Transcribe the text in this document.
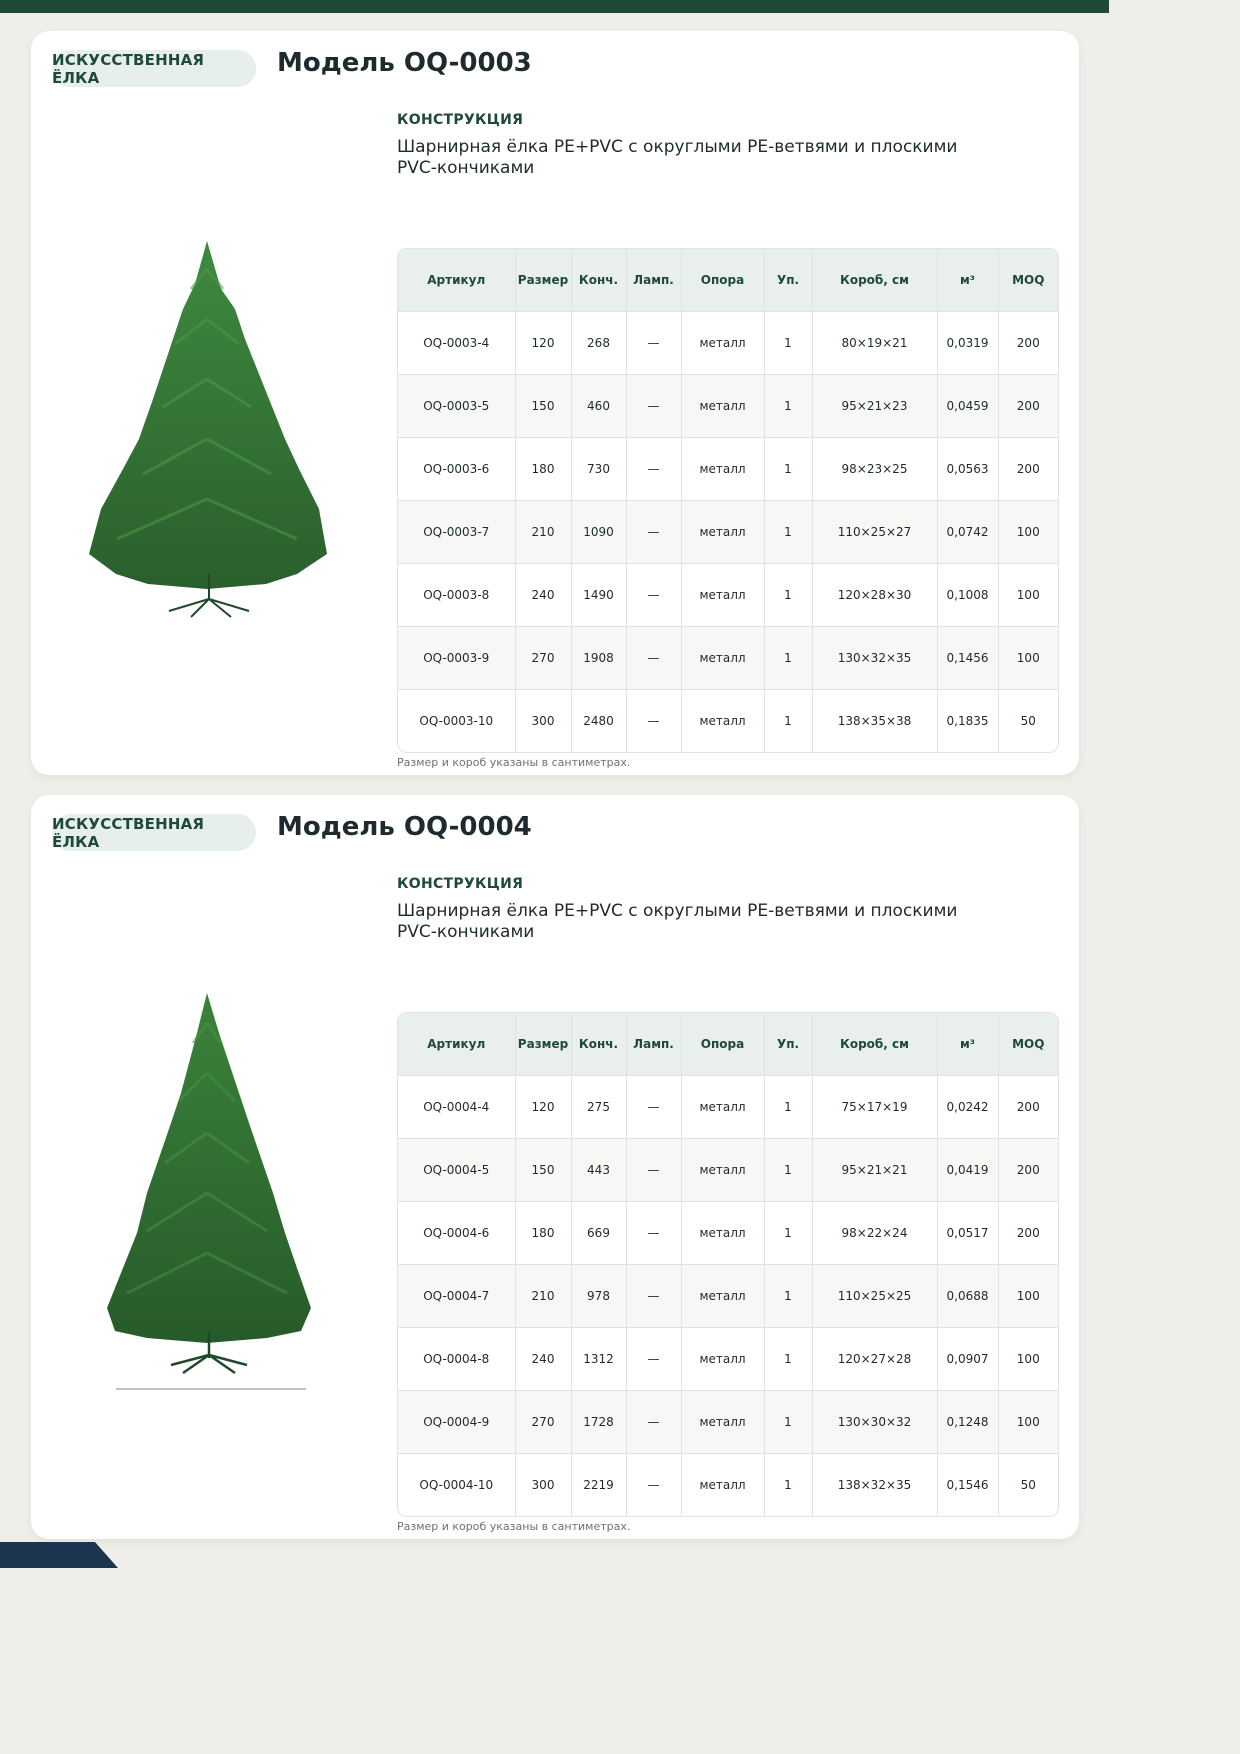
ИСКУССТВЕННАЯ ЁЛКА	Модель OQ-0003
КОНСТРУКЦИЯ
Шарнирная ёлка PE+PVC с округлыми PE-ветвями и плоскими PVC-кончиками
Артикул	Размер	Конч.	Ламп.	Опора	Уп.	Короб, см	м³	MOQ
OQ-0003-4	120	268	—	металл	1	80×19×21	0,0319	200
OQ-0003-5	150	460	—	металл	1	95×21×23	0,0459	200
OQ-0003-6	180	730	—	металл	1	98×23×25	0,0563	200
OQ-0003-7	210	1090	—	металл	1	110×25×27	0,0742	100
OQ-0003-8	240	1490	—	металл	1	120×28×30	0,1008	100
OQ-0003-9	270	1908	—	металл	1	130×32×35	0,1456	100
OQ-0003-10	300	2480	—	металл	1	138×35×38	0,1835	50
Размер и короб указаны в сантиметрах.
ИСКУССТВЕННАЯ ЁЛКА	Модель OQ-0004
КОНСТРУКЦИЯ
Шарнирная ёлка PE+PVC с округлыми PE-ветвями и плоскими PVC-кончиками
Артикул	Размер	Конч.	Ламп.	Опора	Уп.	Короб, см	м³	MOQ
OQ-0004-4	120	275	—	металл	1	75×17×19	0,0242	200
OQ-0004-5	150	443	—	металл	1	95×21×21	0,0419	200
OQ-0004-6	180	669	—	металл	1	98×22×24	0,0517	200
OQ-0004-7	210	978	—	металл	1	110×25×25	0,0688	100
OQ-0004-8	240	1312	—	металл	1	120×27×28	0,0907	100
OQ-0004-9	270	1728	—	металл	1	130×30×32	0,1248	100
OQ-0004-10	300	2219	—	металл	1	138×32×35	0,1546	50
Размер и короб указаны в сантиметрах.
